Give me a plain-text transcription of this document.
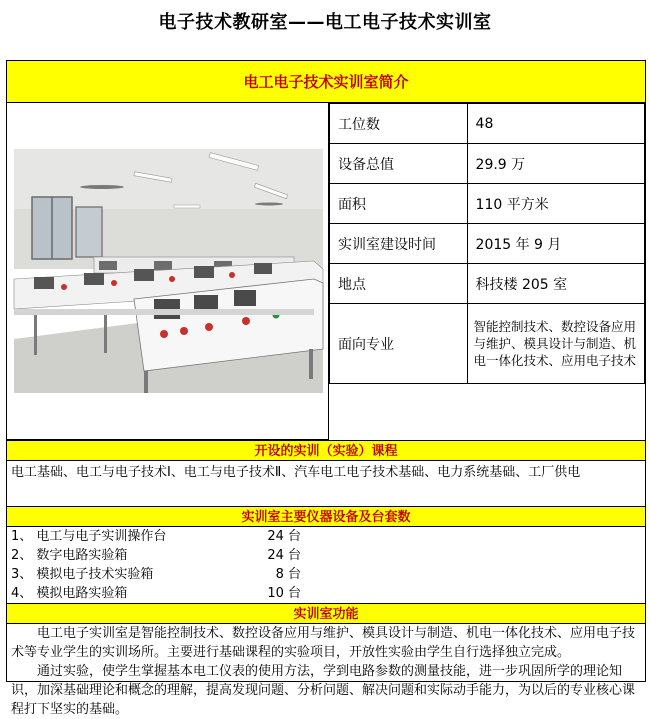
电子技术教研室——电工电子技术实训室
电工电子技术实训室简介
工位数	48
设备总值	29.9 万
面积	110 平方米
实训室建设时间	2015 年 9 月
地点	科技楼 205 室
面向专业	智能控制技术、数控设备应用与维护、模具设计与制造、机电一体化技术、应用电子技术
开设的实训（实验）课程
电工基础、电工与电子技术Ⅰ、电工与电子技术Ⅱ、汽车电工电子技术基础、电力系统基础、工厂供电
实训室主要仪器设备及台套数
1、 电工与电子实训操作台	24 台
2、 数字电路实验箱	24 台
3、 模拟电子技术实验箱	8 台
4、 模拟电路实验箱	10 台
实训室功能

电工电子实训室是智能控制技术、数控设备应用与维护、模具设计与制造、机电一体化技术、应用电子技术等专业学生的实训场所。主要进行基础课程的实验项目，开放性实验由学生自行选择独立完成。

通过实验，使学生掌握基本电工仪表的使用方法，学到电路参数的测量技能，进一步巩固所学的理论知识，加深基础理论和概念的理解，提高发现问题、分析问题、解决问题和实际动手能力，为以后的专业核心课程打下坚实的基础。
